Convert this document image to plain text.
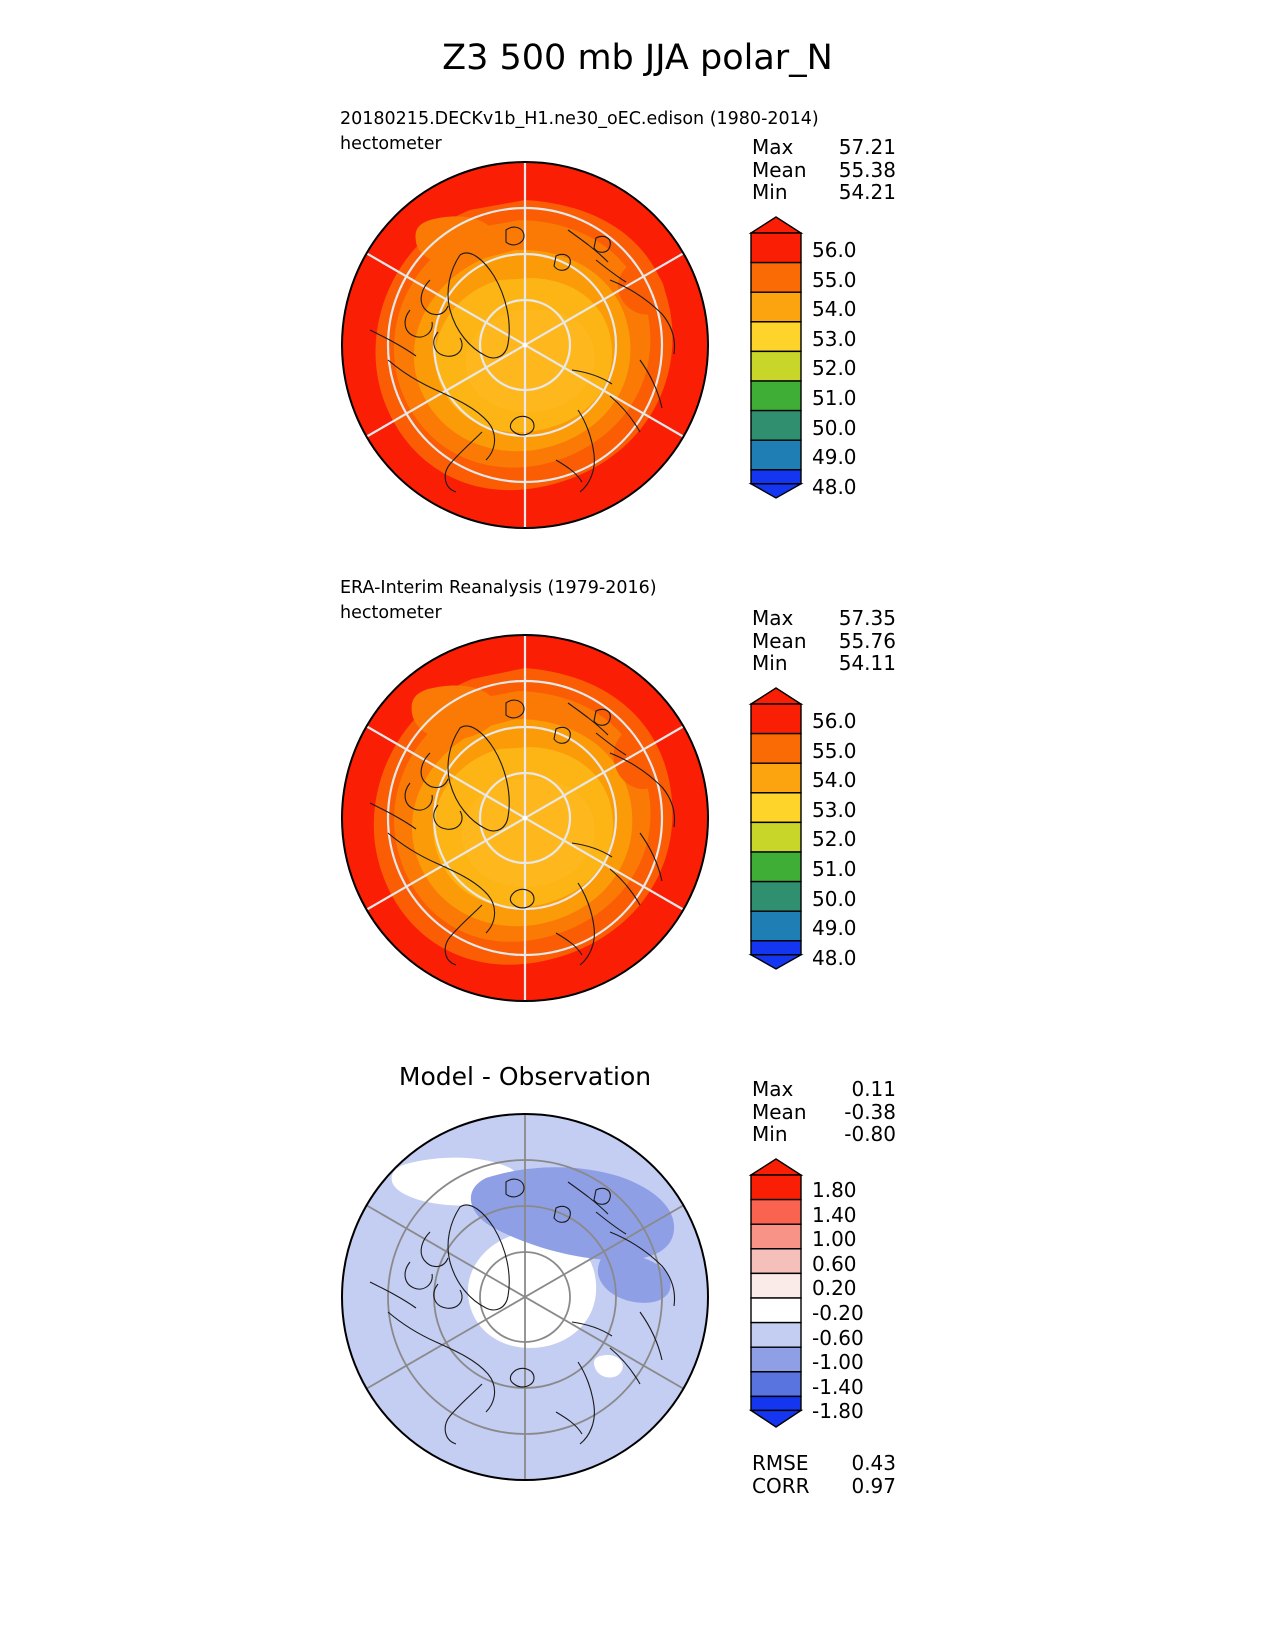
Z3 500 mb JJA polar_N
20180215.DECKv1b_H1.ne30_oEC.edison (1980-2014)
hectometer	Max 57.21
Mean 55.38
Min	54.21
56.0
55.0
54.0
53.0
52.0
51.0
50.0
49.0
48.0
ERA-Interim Reanalysis (1979-2016)
hectometer	Max 57.35
Mean 55.76
Min	54.11
56.0
55.0
54.0
53.0
52.0
51.0
50.0
49.0
48.0
Model - Observation	Max	0.11
Mean -0.38
Min	-0.80
1.80
1.40
1.00
0.60
0.20
-0.20
-0.60
-1.00
-1.40
-1.80
RMSE 0.43
CORR 0.97
